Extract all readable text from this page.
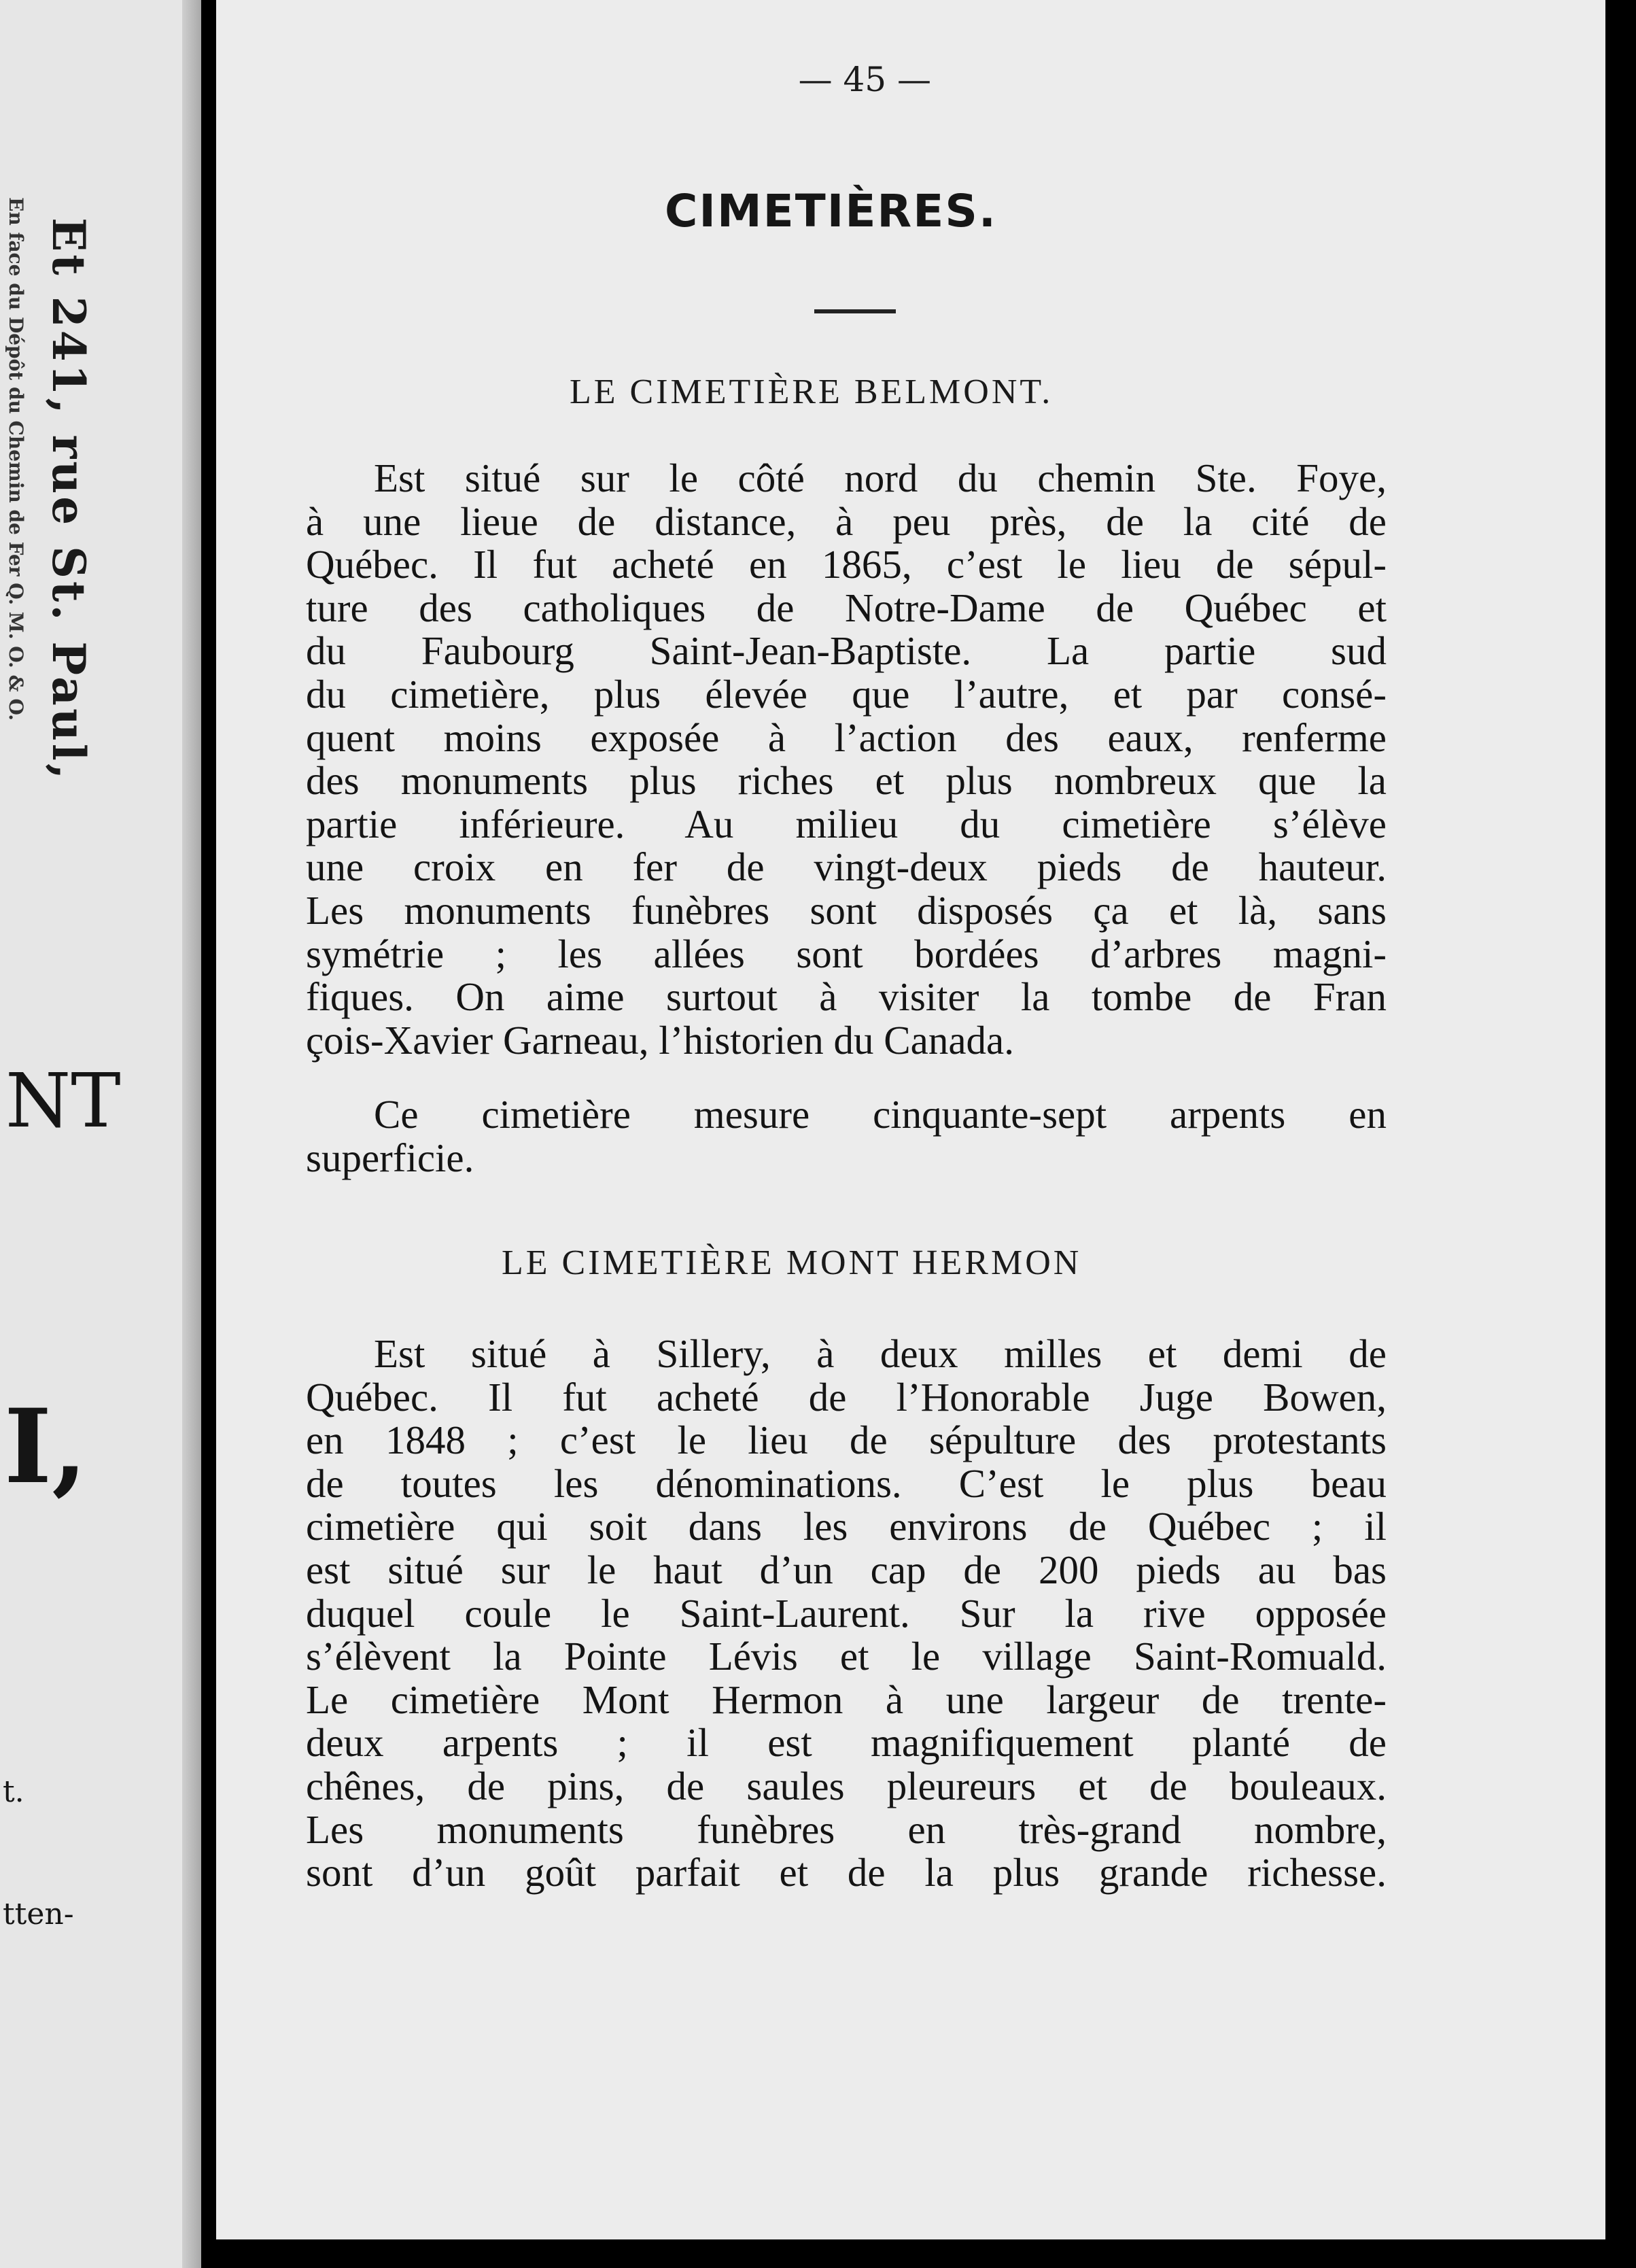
En face du Dépôt du Chemin de Fer Q. M. O. & O. Et 241, rue St. Paul,
NT
I,
t.
tten-
— 45 —
CIMETIÈRES.
LE CIMETIÈRE BELMONT.
Est situé sur le côté nord du chemin Ste. Foye,
à une lieue de distance, à peu près, de la cité de
Québec. Il fut acheté en 1865, c’est le lieu de sépul-
ture des catholiques de Notre-Dame de Québec et
du Faubourg Saint-Jean-Baptiste. La partie sud
du cimetière, plus élevée que l’autre, et par consé-
quent moins exposée à l’action des eaux, renferme
des monuments plus riches et plus nombreux que la
partie inférieure. Au milieu du cimetière s’élève
une croix en fer de vingt-deux pieds de hauteur.
Les monuments funèbres sont disposés ça et là, sans
symétrie ; les allées sont bordées d’arbres magni-
fiques. On aime surtout à visiter la tombe de Fran
çois-Xavier Garneau, l’historien du Canada.
Ce cimetière mesure cinquante-sept arpents en
superficie.
LE CIMETIÈRE MONT HERMON
Est situé à Sillery, à deux milles et demi de
Québec. Il fut acheté de l’Honorable Juge Bowen,
en 1848 ; c’est le lieu de sépulture des protestants
de toutes les dénominations. C’est le plus beau
cimetière qui soit dans les environs de Québec ; il
est situé sur le haut d’un cap de 200 pieds au bas
duquel coule le Saint-Laurent. Sur la rive opposée
s’élèvent la Pointe Lévis et le village Saint-Romuald.
Le cimetière Mont Hermon à une largeur de trente-
deux arpents ; il est magnifiquement planté de
chênes, de pins, de saules pleureurs et de bouleaux.
Les monuments funèbres en très-grand nombre,
sont d’un goût parfait et de la plus grande richesse.
